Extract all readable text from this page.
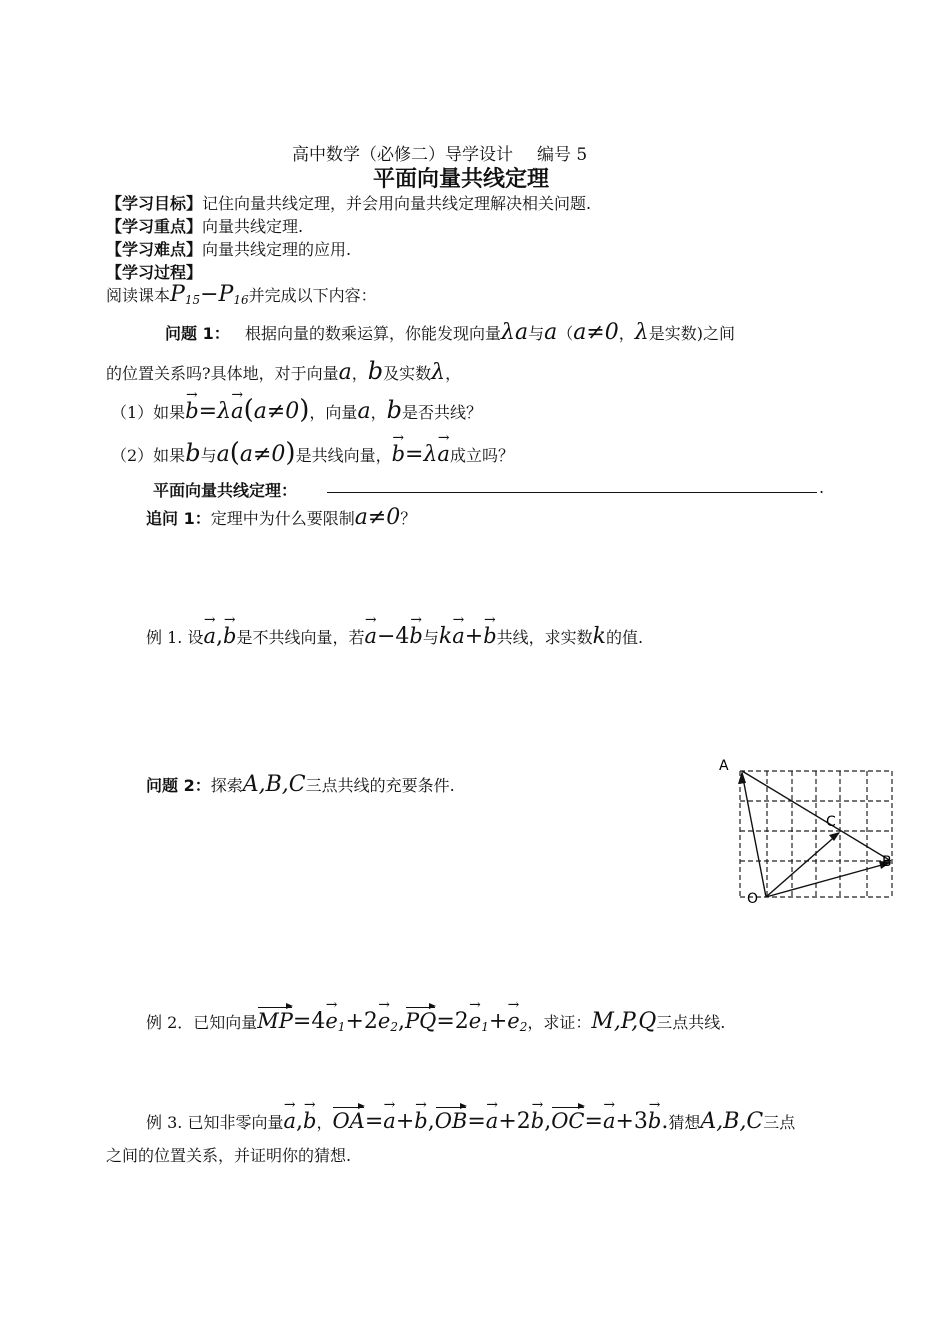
高中数学（必修二）导学设计 编号 5
平面向量共线定理
【学习目标】记住向量共线定理，并会用向量共线定理解决相关问题.
【学习重点】向量共线定理.
【学习难点】向量共线定理的应用.
【学习过程】
阅读课本$P_{15}-P_{16}$并完成以下内容：
问题 1： 根据向量的数乘运算，你能发现向量λa与a（a≠0，λ是实数)之间
的位置关系吗?具体地，对于向量a，b及实数λ，
（1）如果→ b=λ→ a(a≠0)，向量a，b是否共线？
（2）如果b与a(a≠0)是共线向量，→ b=λ→ a成立吗？
平面向量共线定理：	.
追问 1：定理中为什么要限制a≠0？
例 1. 设→ a,→ b是不共线向量，若→ a−4→ b与k→ a+→ b共线，求实数k的值.
问题 2：探索A,B,C三点共线的充要条件.
A
C
B
O
例 2．已知向量$MP=4\to e_1+2\to e_2,PQ=2\to e_1+\to e_2$，求证：M,P,Q三点共线.
例 3. 已知非零向量→ a,→ b，OA=→ a+→ b,OB=→ a+2→ b,OC=→ a+3→ b.猜想A,B,C三点
之间的位置关系，并证明你的猜想.
